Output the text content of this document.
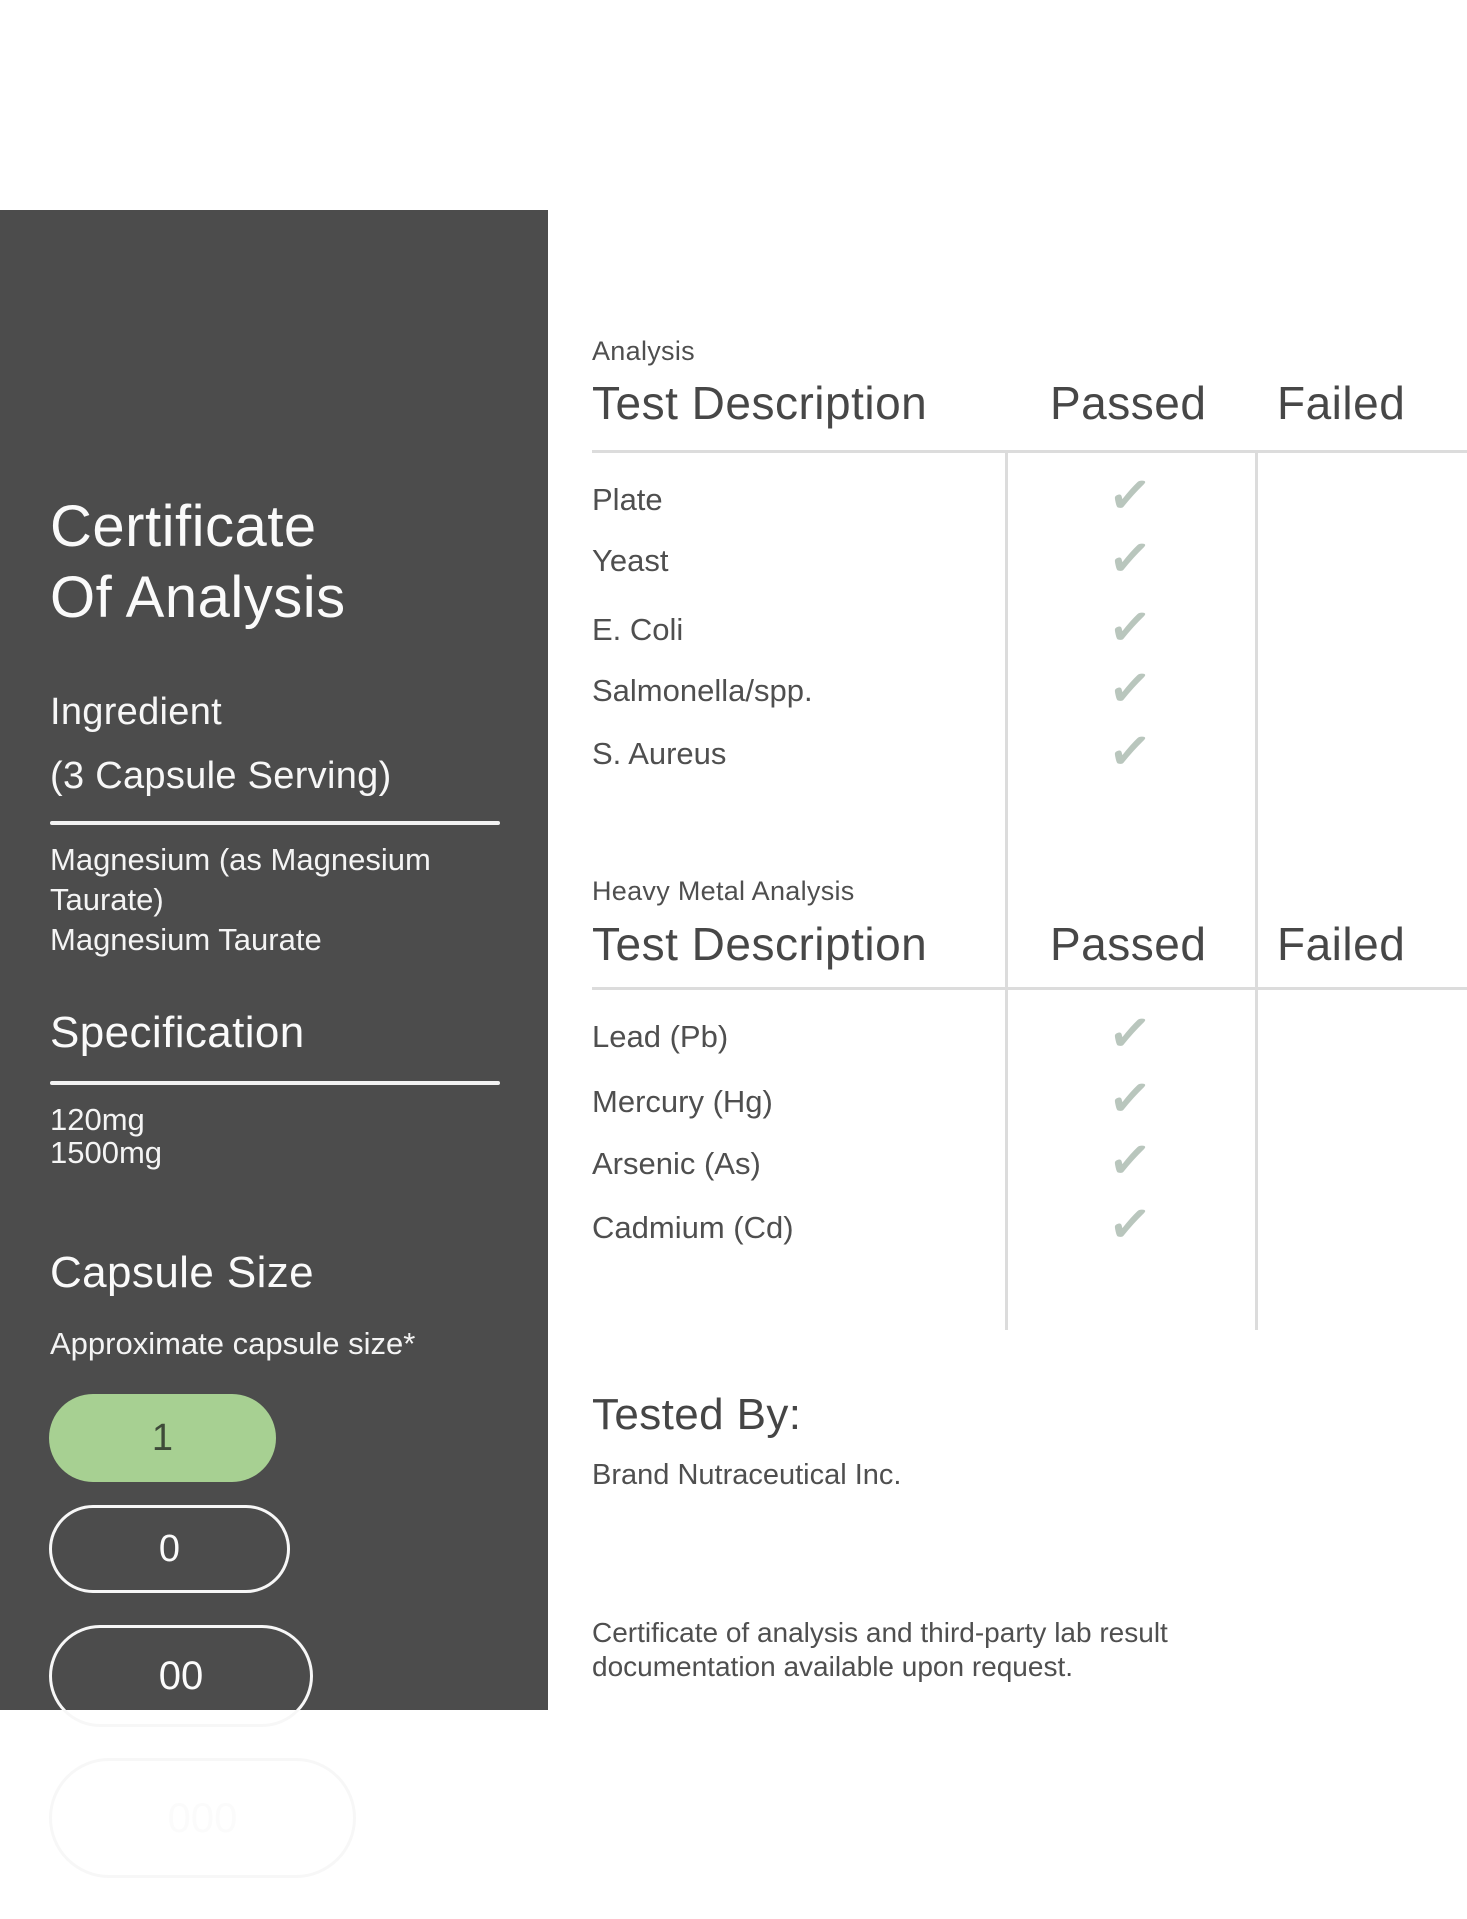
Certificate
Of Analysis
Ingredient
(3 Capsule Serving)
Magnesium (as Magnesium Taurate)
Magnesium Taurate
Specification
120mg
1500mg
Capsule Size
Approximate capsule size*
1
0
00
000
Analysis
Test Description	Passed Failed
Plate	✓
Yeast	✓
E. Coli	✓
Salmonella/spp.	✓
S. Aureus	✓
Heavy Metal Analysis
Test Description	Passed Failed
Lead (Pb)	✓
Mercury (Hg)	✓
Arsenic (As)	✓
Cadmium (Cd)	✓
Tested By:
Brand Nutraceutical Inc.
Certificate of analysis and third-party lab result documentation available upon request.
